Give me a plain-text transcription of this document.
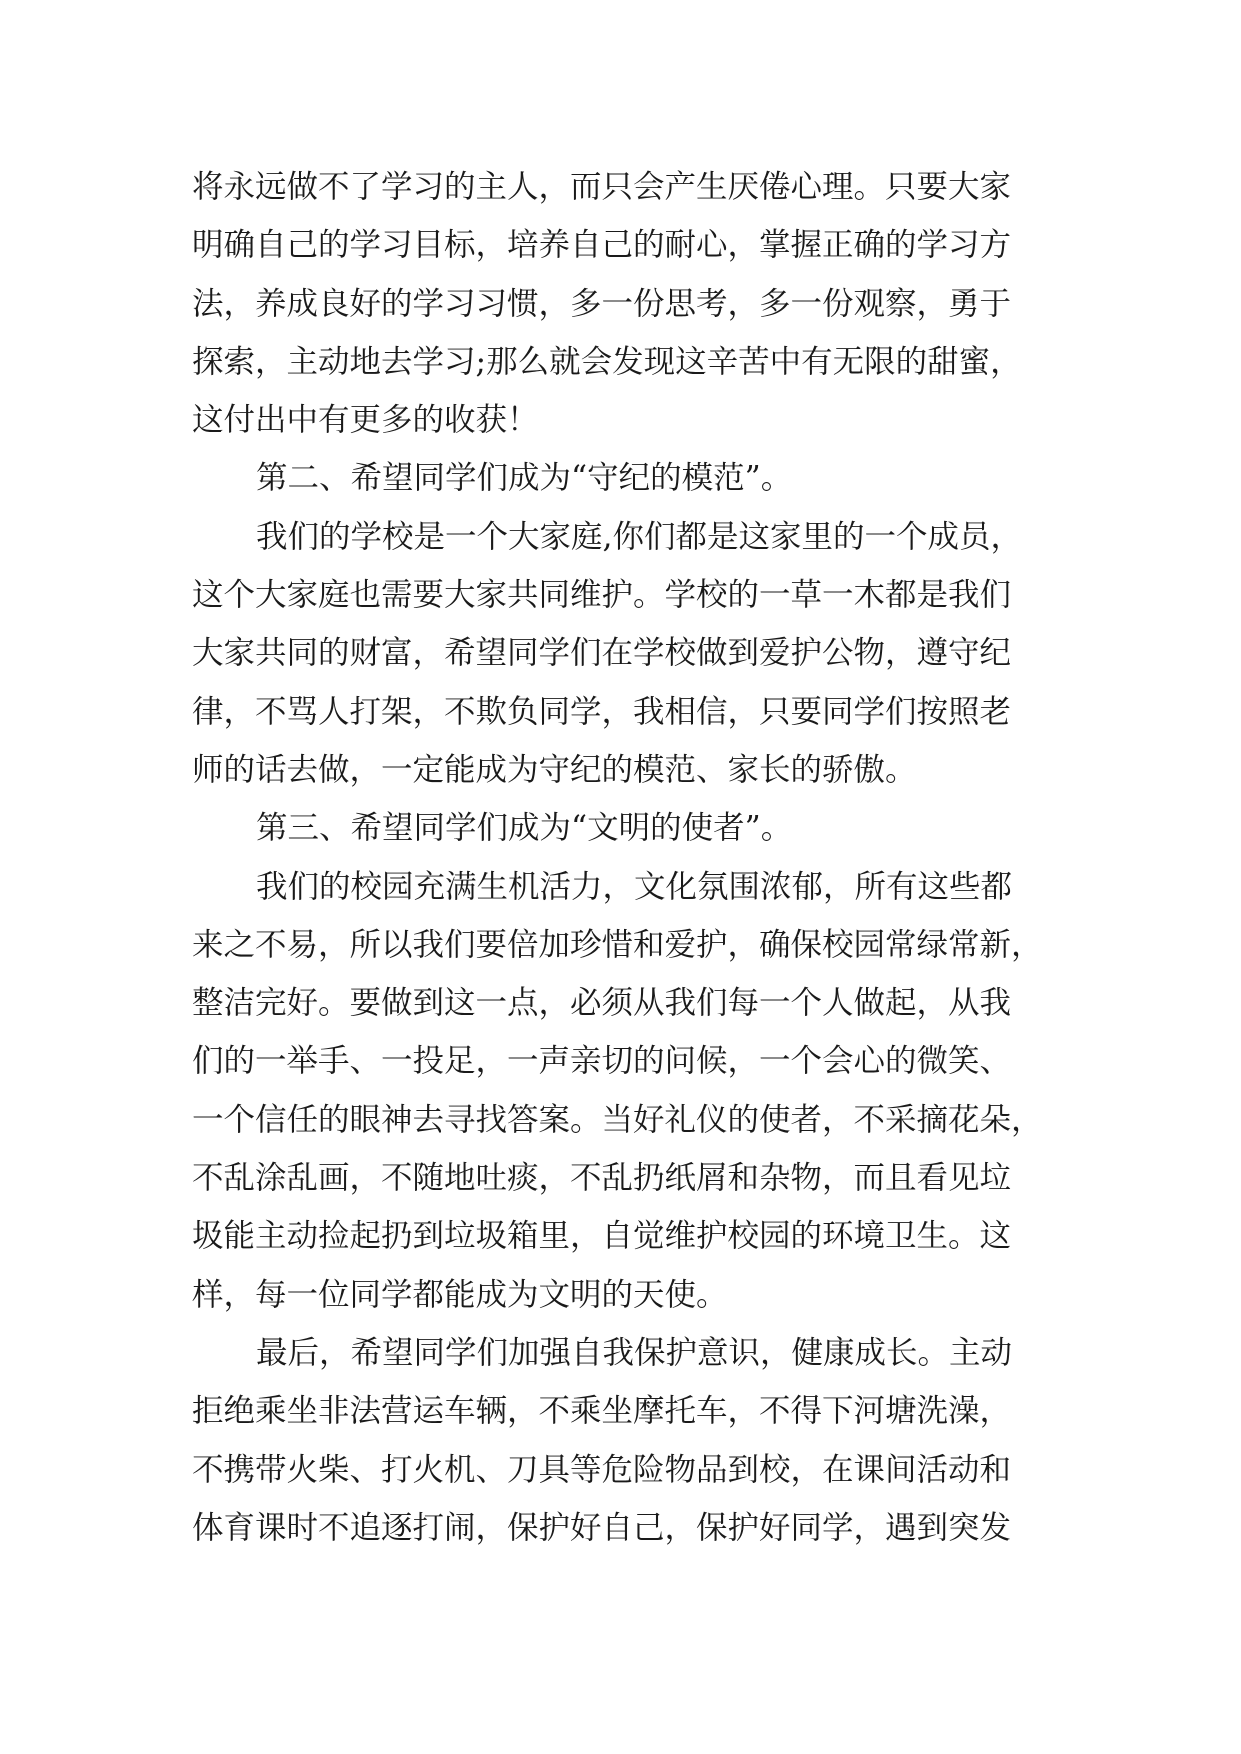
将永远做不了学习的主人，而只会产生厌倦心理。只要大家
明确自己的学习目标，培养自己的耐心，掌握正确的学习方
法，养成良好的学习习惯，多一份思考，多一份观察，勇于
探索，主动地去学习;那么就会发现这辛苦中有无限的甜蜜，
这付出中有更多的收获！
第二、希望同学们成为“守纪的模范”。
我们的学校是一个大家庭,你们都是这家里的一个成员，
这个大家庭也需要大家共同维护。学校的一草一木都是我们
大家共同的财富，希望同学们在学校做到爱护公物，遵守纪
律，不骂人打架，不欺负同学，我相信，只要同学们按照老
师的话去做，一定能成为守纪的模范、家长的骄傲。
第三、希望同学们成为“文明的使者”。
我们的校园充满生机活力，文化氛围浓郁，所有这些都
来之不易，所以我们要倍加珍惜和爱护，确保校园常绿常新，
整洁完好。要做到这一点，必须从我们每一个人做起，从我
们的一举手、一投足，一声亲切的问候，一个会心的微笑、
一个信任的眼神去寻找答案。当好礼仪的使者，不采摘花朵，
不乱涂乱画，不随地吐痰，不乱扔纸屑和杂物，而且看见垃
圾能主动捡起扔到垃圾箱里，自觉维护校园的环境卫生。这
样，每一位同学都能成为文明的天使。
最后，希望同学们加强自我保护意识，健康成长。主动
拒绝乘坐非法营运车辆，不乘坐摩托车，不得下河塘洗澡，
不携带火柴、打火机、刀具等危险物品到校，在课间活动和
体育课时不追逐打闹，保护好自己，保护好同学，遇到突发
